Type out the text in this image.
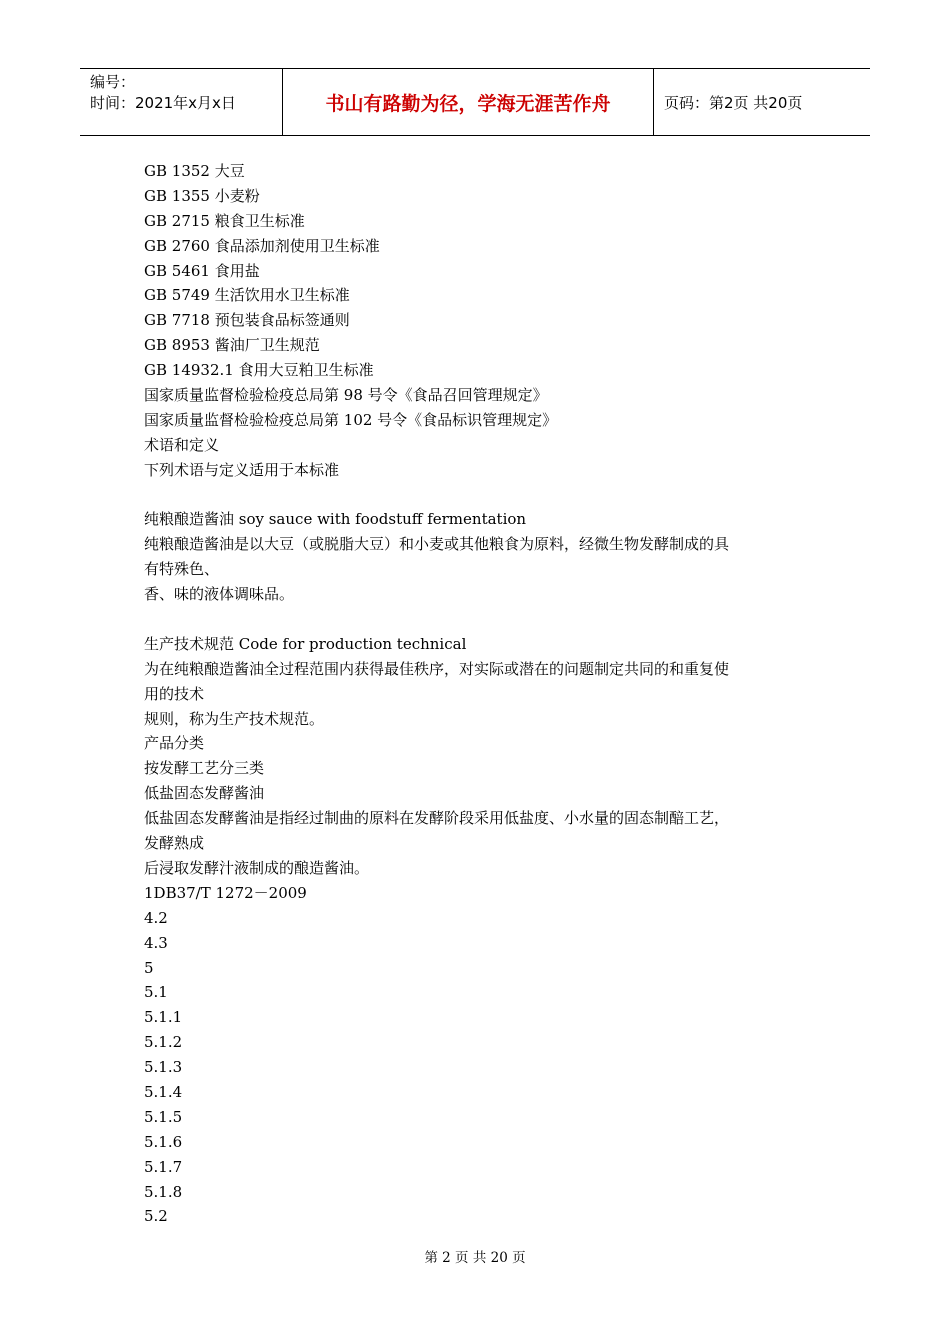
编号：
时间：2021年x月x日	书山有路勤为径，学海无涯苦作舟	页码：第2页 共20页
GB 1352 大豆
GB 1355 小麦粉
GB 2715 粮食卫生标准
GB 2760 食品添加剂使用卫生标准
GB 5461 食用盐
GB 5749 生活饮用水卫生标准
GB 7718 预包装食品标签通则
GB 8953 酱油厂卫生规范
GB 14932.1 食用大豆粕卫生标准
国家质量监督检验检疫总局第 98 号令《食品召回管理规定》
国家质量监督检验检疫总局第 102 号令《食品标识管理规定》
术语和定义
下列术语与定义适用于本标准
纯粮酿造酱油 soy sauce with foodstuff fermentation
纯粮酿造酱油是以大豆（或脱脂大豆）和小麦或其他粮食为原料，经微生物发酵制成的具
有特殊色、
香、味的液体调味品。
生产技术规范 Code for production technical
为在纯粮酿造酱油全过程范围内获得最佳秩序，对实际或潜在的问题制定共同的和重复使
用的技术
规则，称为生产技术规范。
产品分类
按发酵工艺分三类
低盐固态发酵酱油
低盐固态发酵酱油是指经过制曲的原料在发酵阶段采用低盐度、小水量的固态制醅工艺，
发酵熟成
后浸取发酵汁液制成的酿造酱油。
1DB37/T 1272－2009
4.2
4.3
5
5.1
5.1.1
5.1.2
5.1.3
5.1.4
5.1.5
5.1.6
5.1.7
5.1.8
5.2
第 2 页 共 20 页
